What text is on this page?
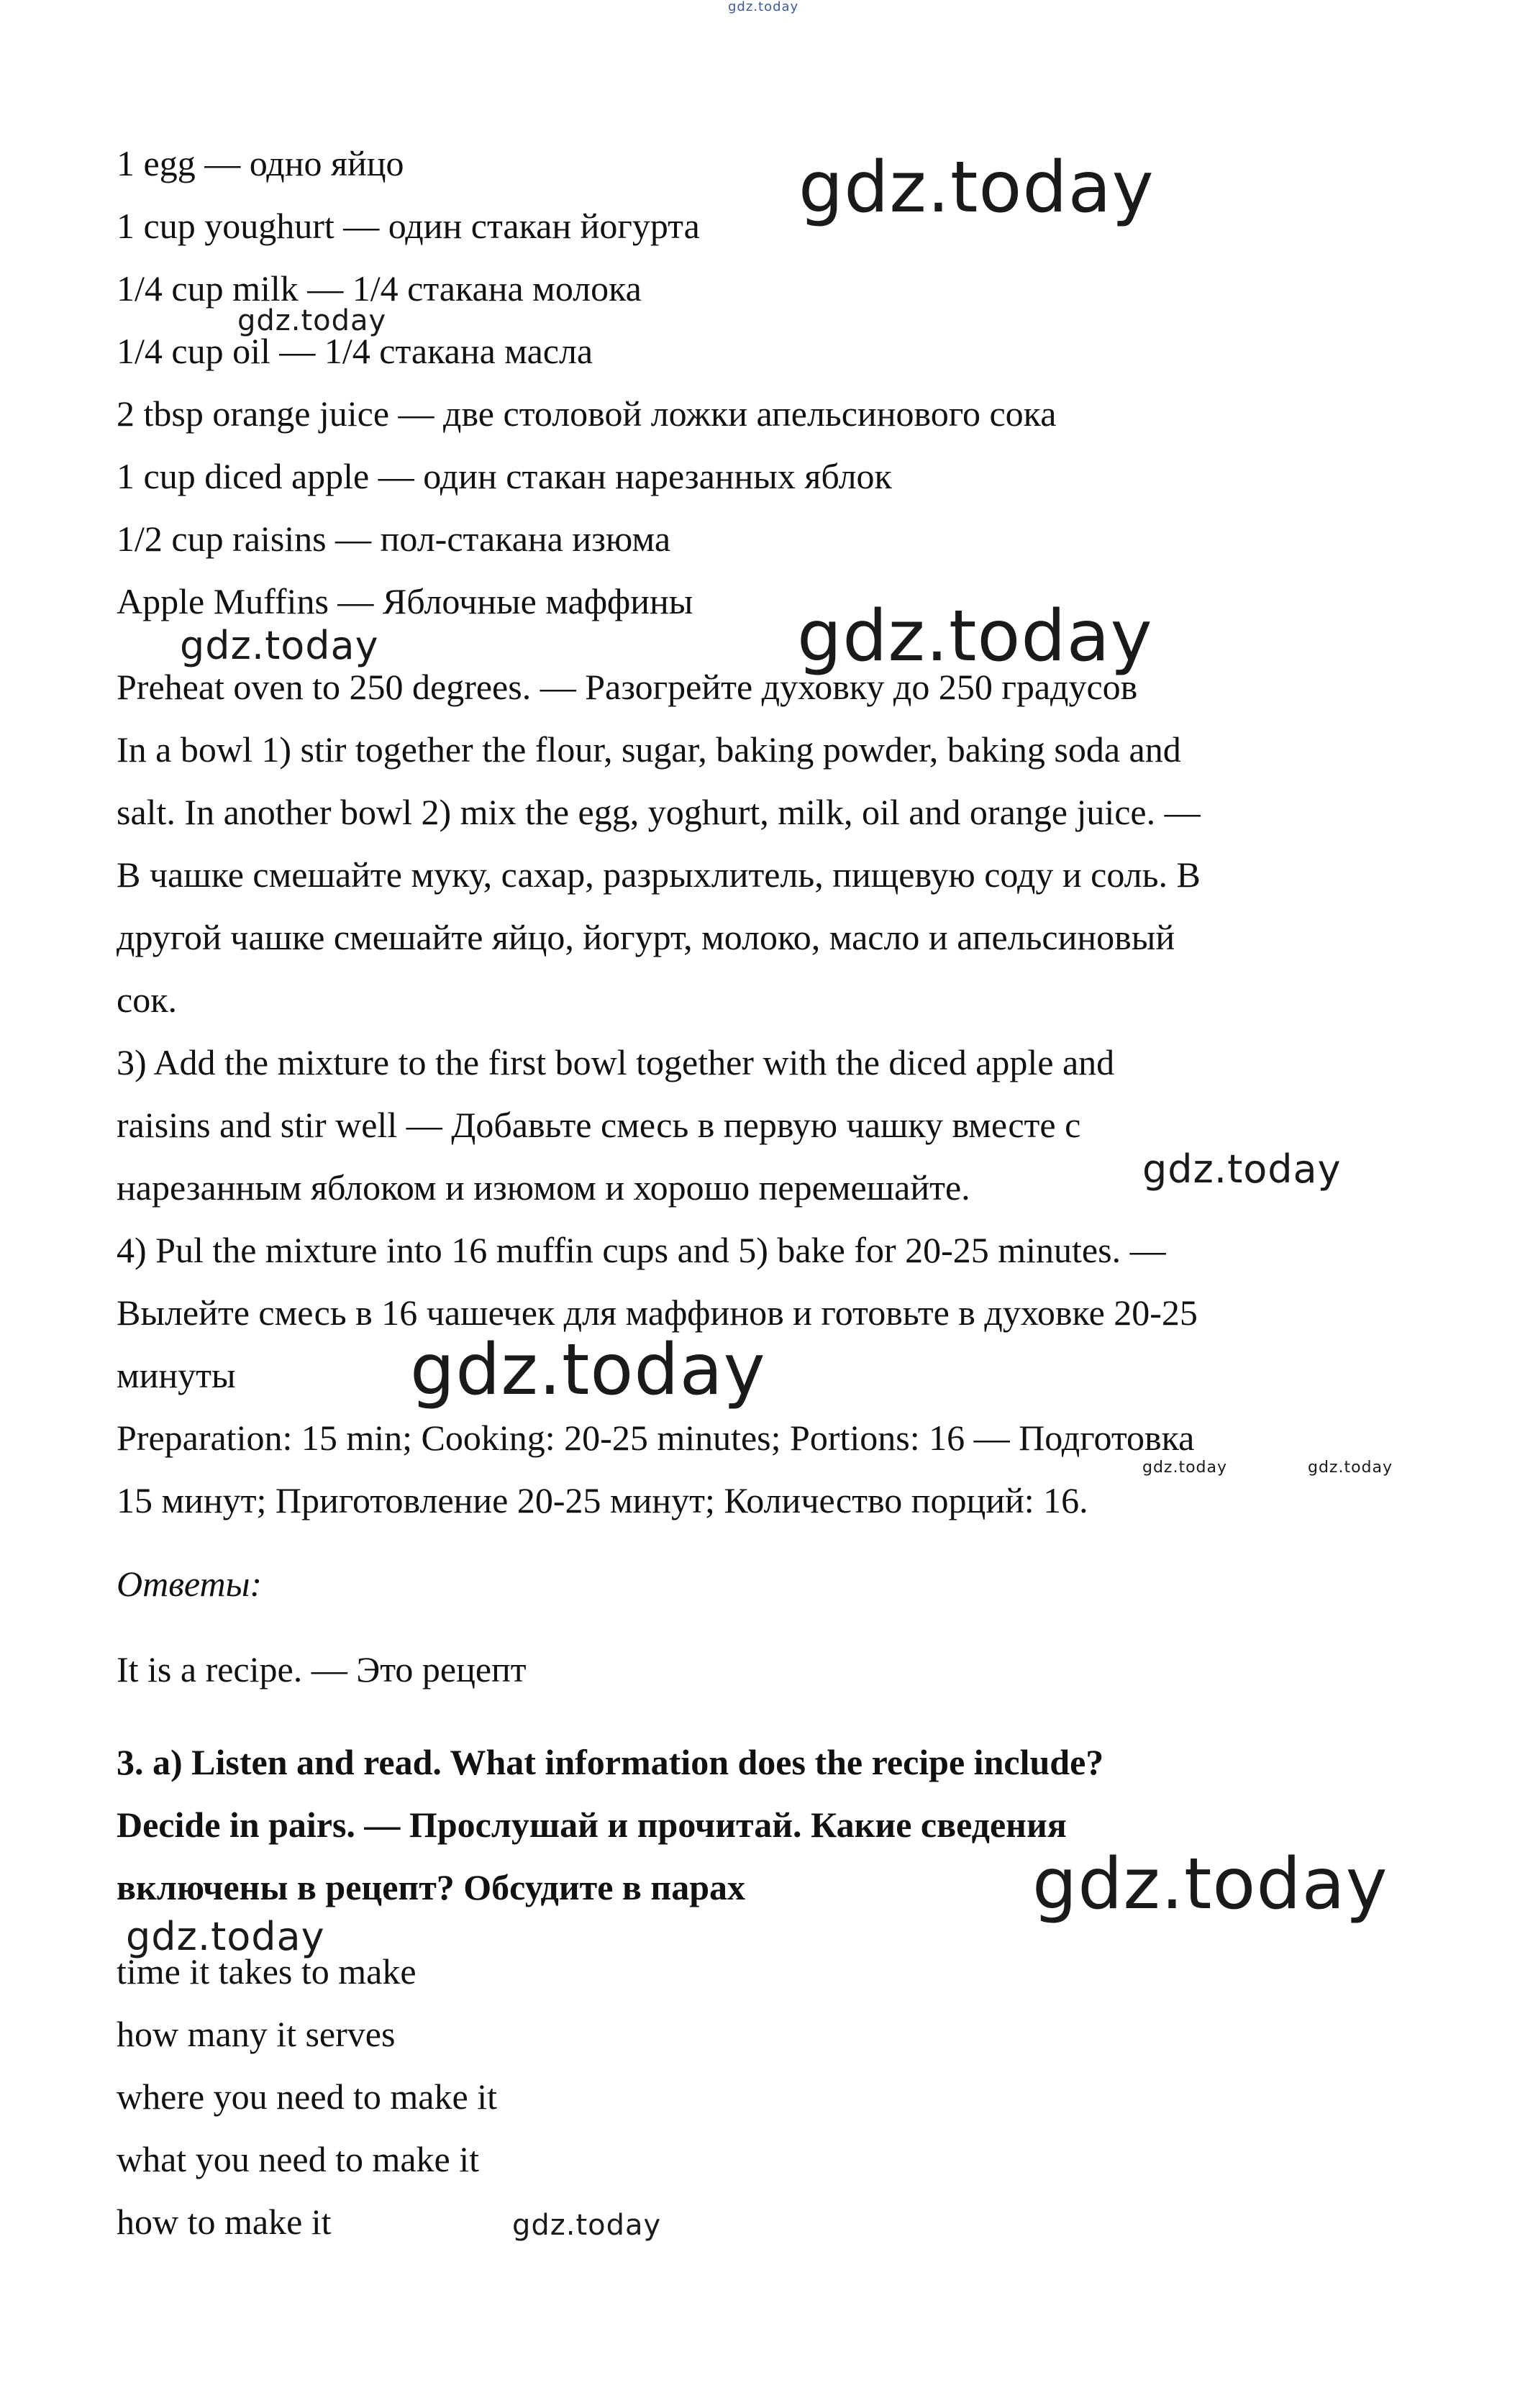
1 egg — одно яйцо

1 cup youghurt — один стакан йогурта

1/4 cup milk — 1/4 стакана молока

1/4 cup oil — 1/4 стакана масла

2 tbsp orange juice — две столовой ложки апельсинового сока

1 cup diced apple — один стакан нарезанных яблок

1/2 cup raisins — пол-стакана изюма

Apple Muffins — Яблочные маффины

Preheat oven to 250 degrees. — Разогрейте духовку до 250 градусов

In a bowl 1) stir together the flour, sugar, baking powder, baking soda and

salt. In another bowl 2) mix the egg, yoghurt, milk, oil and orange juice. —

В чашке смешайте муку, сахар, разрыхлитель, пищевую соду и соль. В

другой чашке смешайте яйцо, йогурт, молоко, масло и апельсиновый

сок.

3) Add the mixture to the first bowl together with the diced apple and

raisins and stir well — Добавьте смесь в первую чашку вместе с

нарезанным яблоком и изюмом и хорошо перемешайте.

4) Pul the mixture into 16 muffin cups and 5) bake for 20-25 minutes. —

Вылейте смесь в 16 чашечек для маффинов и готовьте в духовке 20-25

минуты

Preparation: 15 min; Cooking: 20-25 minutes; Portions: 16 — Подготовка

15 минут; Приготовление 20-25 минут; Количество порций: 16.

Ответы:

It is a recipe. — Это рецепт

3. a) Listen and read. What information does the recipe include?

Decide in pairs. — Прослушай и прочитай. Какие сведения

включены в рецепт? Обсудите в парах

time it takes to make

how many it serves

where you need to make it

what you need to make it

how to make it

gdz.today

gdz.today

gdz.today

gdz.today	gdz.today

gdz.today

gdz.today

gdz.today	gdz.today

gdz.today

gdz.today

gdz.today
